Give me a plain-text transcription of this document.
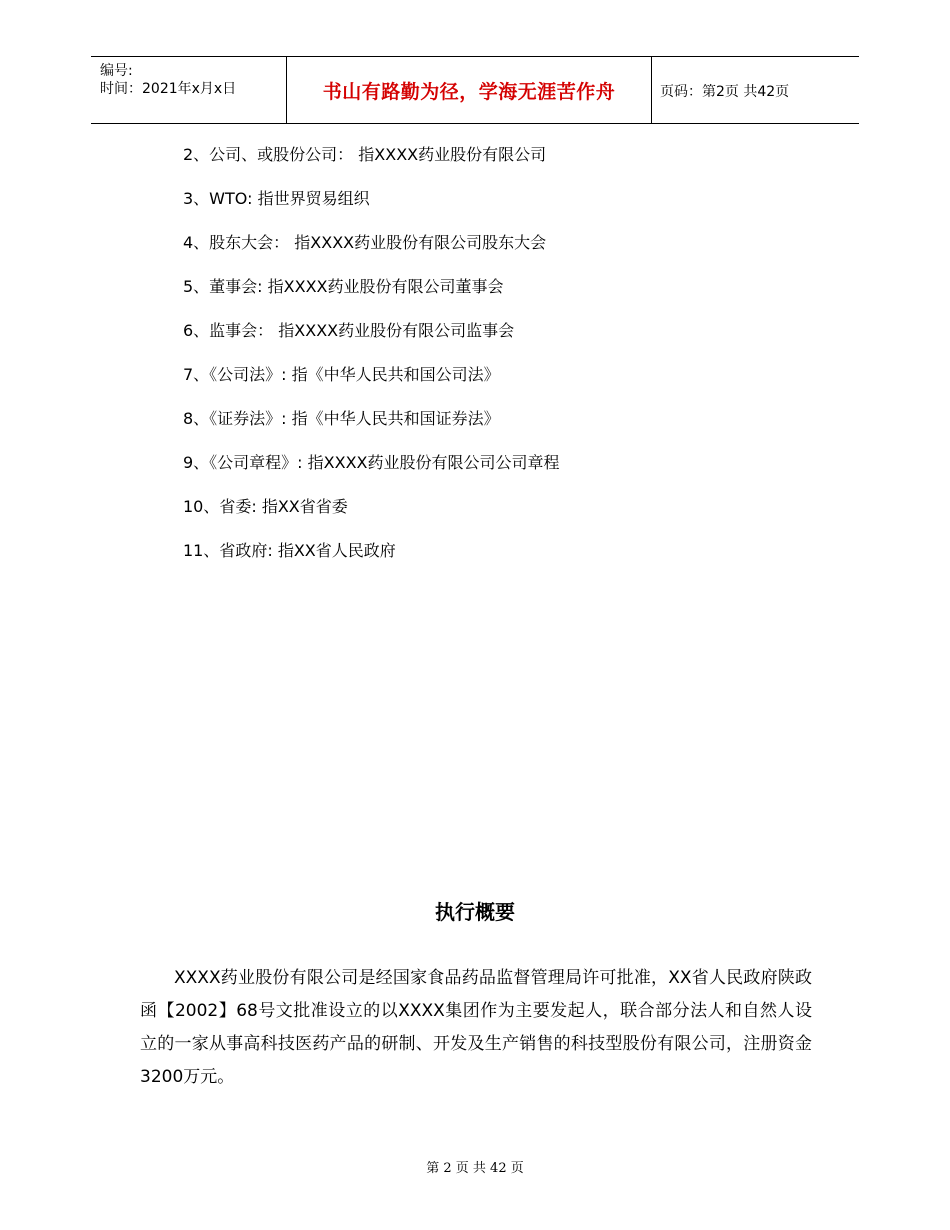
编号:
时间：2021年x月x日	书山有路勤为径，学海无涯苦作舟	页码：第2页 共42页
2、公司、或股份公司： 指XXXX药业股份有限公司
3、WTO: 指世界贸易组织
4、股东大会： 指XXXX药业股份有限公司股东大会
5、董事会: 指XXXX药业股份有限公司董事会
6、监事会： 指XXXX药业股份有限公司监事会
7、《公司法》: 指《中华人民共和国公司法》
8、《证券法》: 指《中华人民共和国证券法》
9、《公司章程》: 指XXXX药业股份有限公司公司章程
10、省委: 指XX省省委
11、省政府: 指XX省人民政府
执行概要

XXXX药业股份有限公司是经国家食品药品监督管理局许可批准，XX省人民政府陕政函【2002】68号文批准设立的以XXXX集团作为主要发起人，联合部分法人和自然人设立的一家从事高科技医药产品的研制、开发及生产销售的科技型股份有限公司，注册资金3200万元。

第 2 页 共 42 页
